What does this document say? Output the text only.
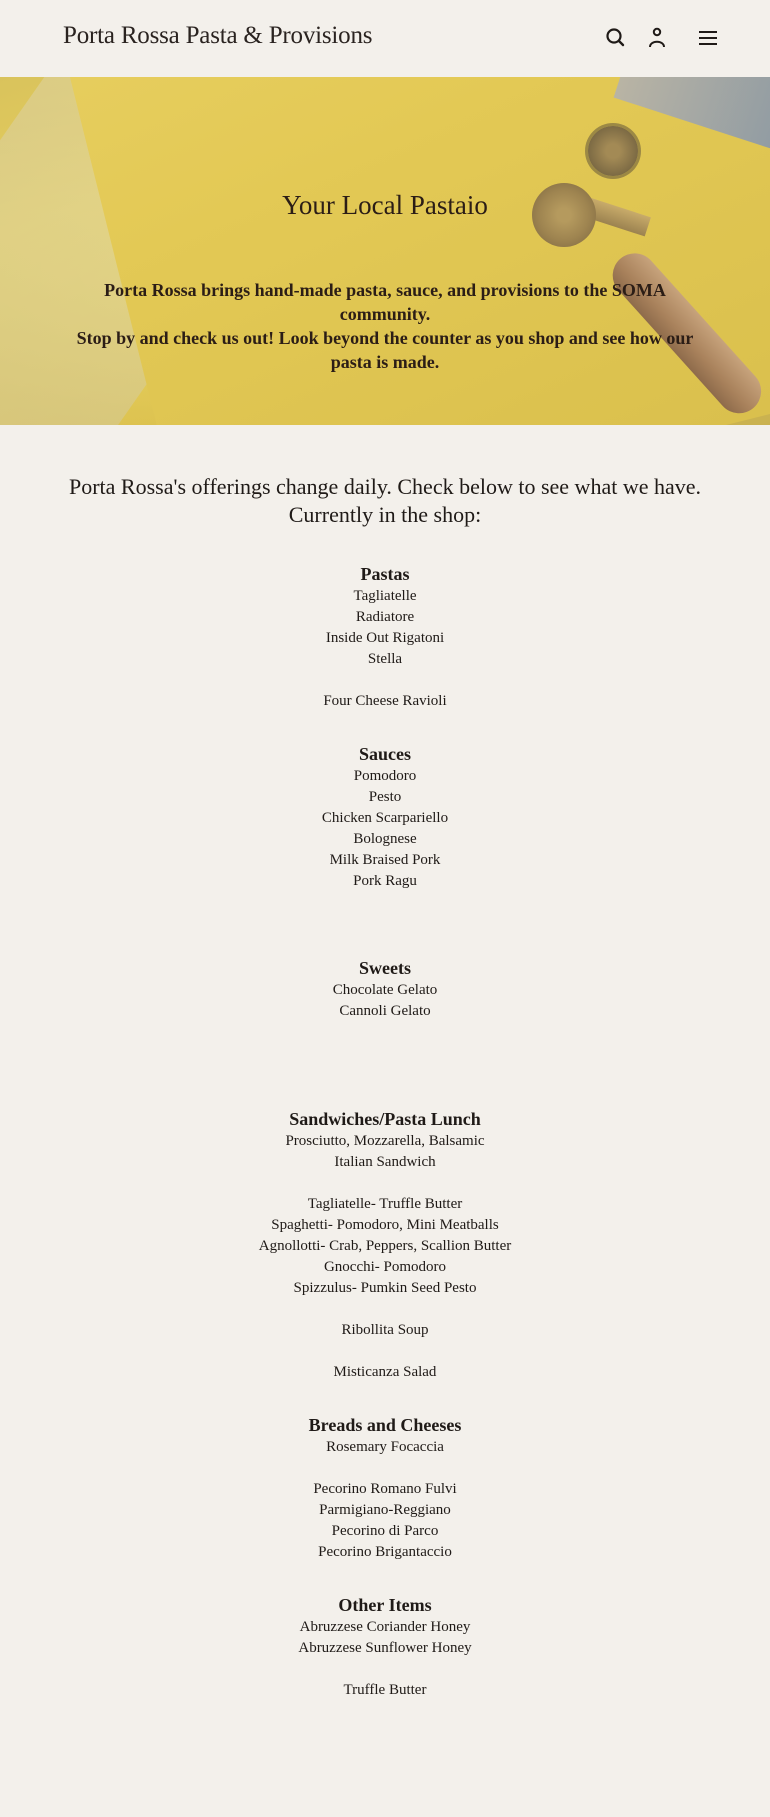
Porta Rossa Pasta & Provisions
Your Local Pastaio
Porta Rossa brings hand-made pasta, sauce, and provisions to the SOMA community.
Stop by and check us out! Look beyond the counter as you shop and see how our pasta is made.
Porta Rossa's offerings change daily. Check below to see what we have.
Currently in the shop:
Pastas
Tagliatelle
Radiatore
Inside Out Rigatoni
Stella
Four Cheese Ravioli
Sauces
Pomodoro
Pesto
Chicken Scarpariello
Bolognese
Milk Braised Pork
Pork Ragu
Sweets
Chocolate Gelato
Cannoli Gelato
Sandwiches/Pasta Lunch
Prosciutto, Mozzarella, Balsamic
Italian Sandwich
Tagliatelle- Truffle Butter
Spaghetti- Pomodoro, Mini Meatballs
Agnollotti- Crab, Peppers, Scallion Butter
Gnocchi- Pomodoro
Spizzulus- Pumkin Seed Pesto
Ribollita Soup
Misticanza Salad
Breads and Cheeses
Rosemary Focaccia
Pecorino Romano Fulvi
Parmigiano-Reggiano
Pecorino di Parco
Pecorino Brigantaccio
Other Items
Abruzzese Coriander Honey
Abruzzese Sunflower Honey
Truffle Butter
